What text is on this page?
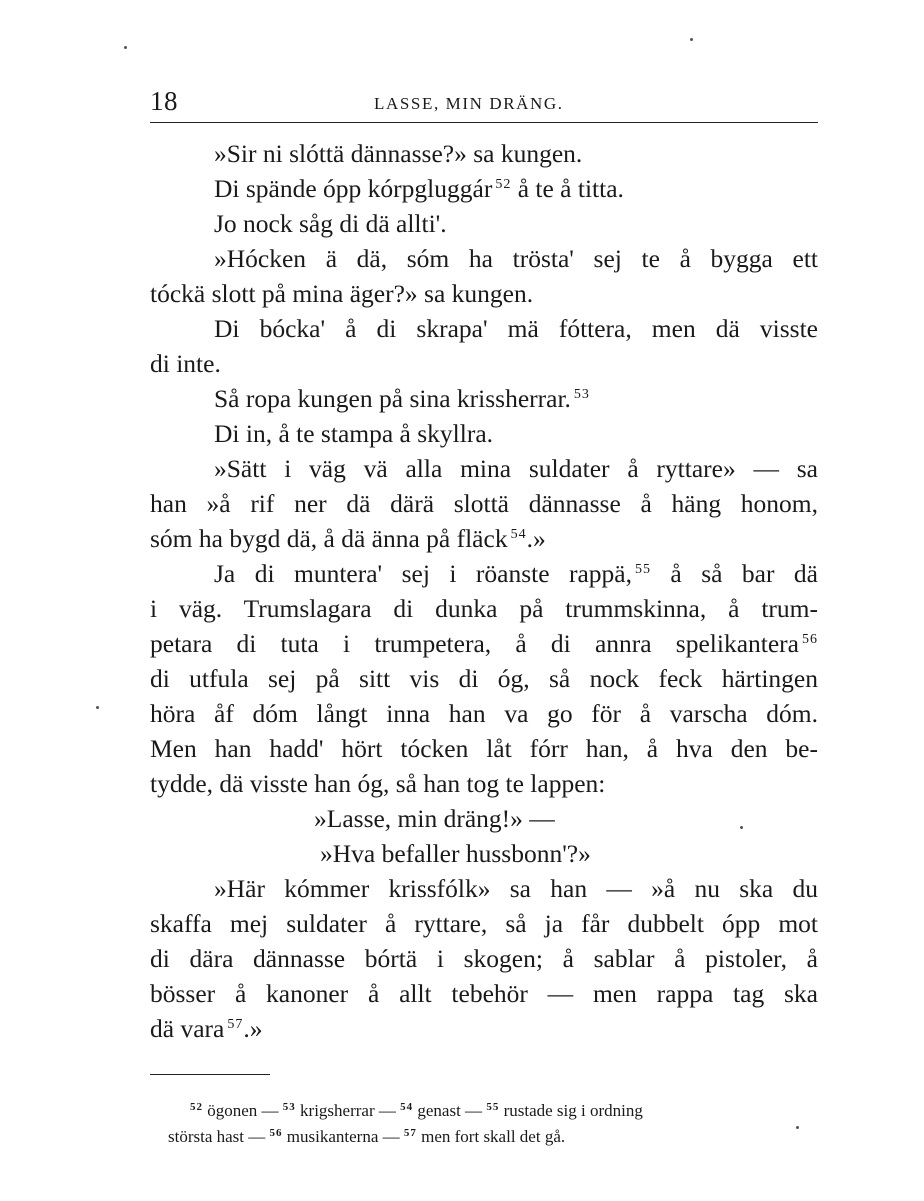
18	LASSE, MIN DRÄNG.
»Sir ni slóttä dännasse?» sa kungen.
Di spände ópp kórpgluggár $^{52}$ å te å titta.
Jo nock såg di dä allti'.
»Hócken ä dä, sóm ha trösta' sej te å bygga ett
tóckä slott på mina äger?» sa kungen.
Di bócka' å di skrapa' mä fóttera, men dä visste
di inte.
Så ropa kungen på sina krissherrar. $^{53}$
Di in, å te stampa å skyllra.
»Sätt i väg vä alla mina suldater å ryttare» — sa
han »å rif ner dä därä slottä dännasse å häng honom,
sóm ha bygd dä, å dä änna på fläck $^{54}$.»
Ja di muntera' sej i röanste rappä, $^{55}$ å så bar dä
i väg. Trumslagara di dunka på trummskinna, å trum-
petara di tuta i trumpetera, å di annra spelikantera $^{56}$
di utfula sej på sitt vis di óg, så nock feck härtingen
höra åf dóm långt inna han va go för å varscha dóm.
Men han hadd' hört tócken låt fórr han, å hva den be-
tydde, dä visste han óg, så han tog te lappen:
»Lasse, min dräng!» —
»Hva befaller hussbonn'?»
»Här kómmer krissfólk» sa han — »å nu ska du
skaffa mej suldater å ryttare, så ja får dubbelt ópp mot
di dära dännasse bórtä i skogen; å sablar å pistoler, å
bösser å kanoner å allt tebehör — men rappa tag ska
dä vara $^{57}$.»
$^{52}$ ögonen — $^{53}$ krigsherrar — $^{54}$ genast — $^{55}$ rustade sig i ordning
största hast — $^{56}$ musikanterna — $^{57}$ men fort skall det gå.
